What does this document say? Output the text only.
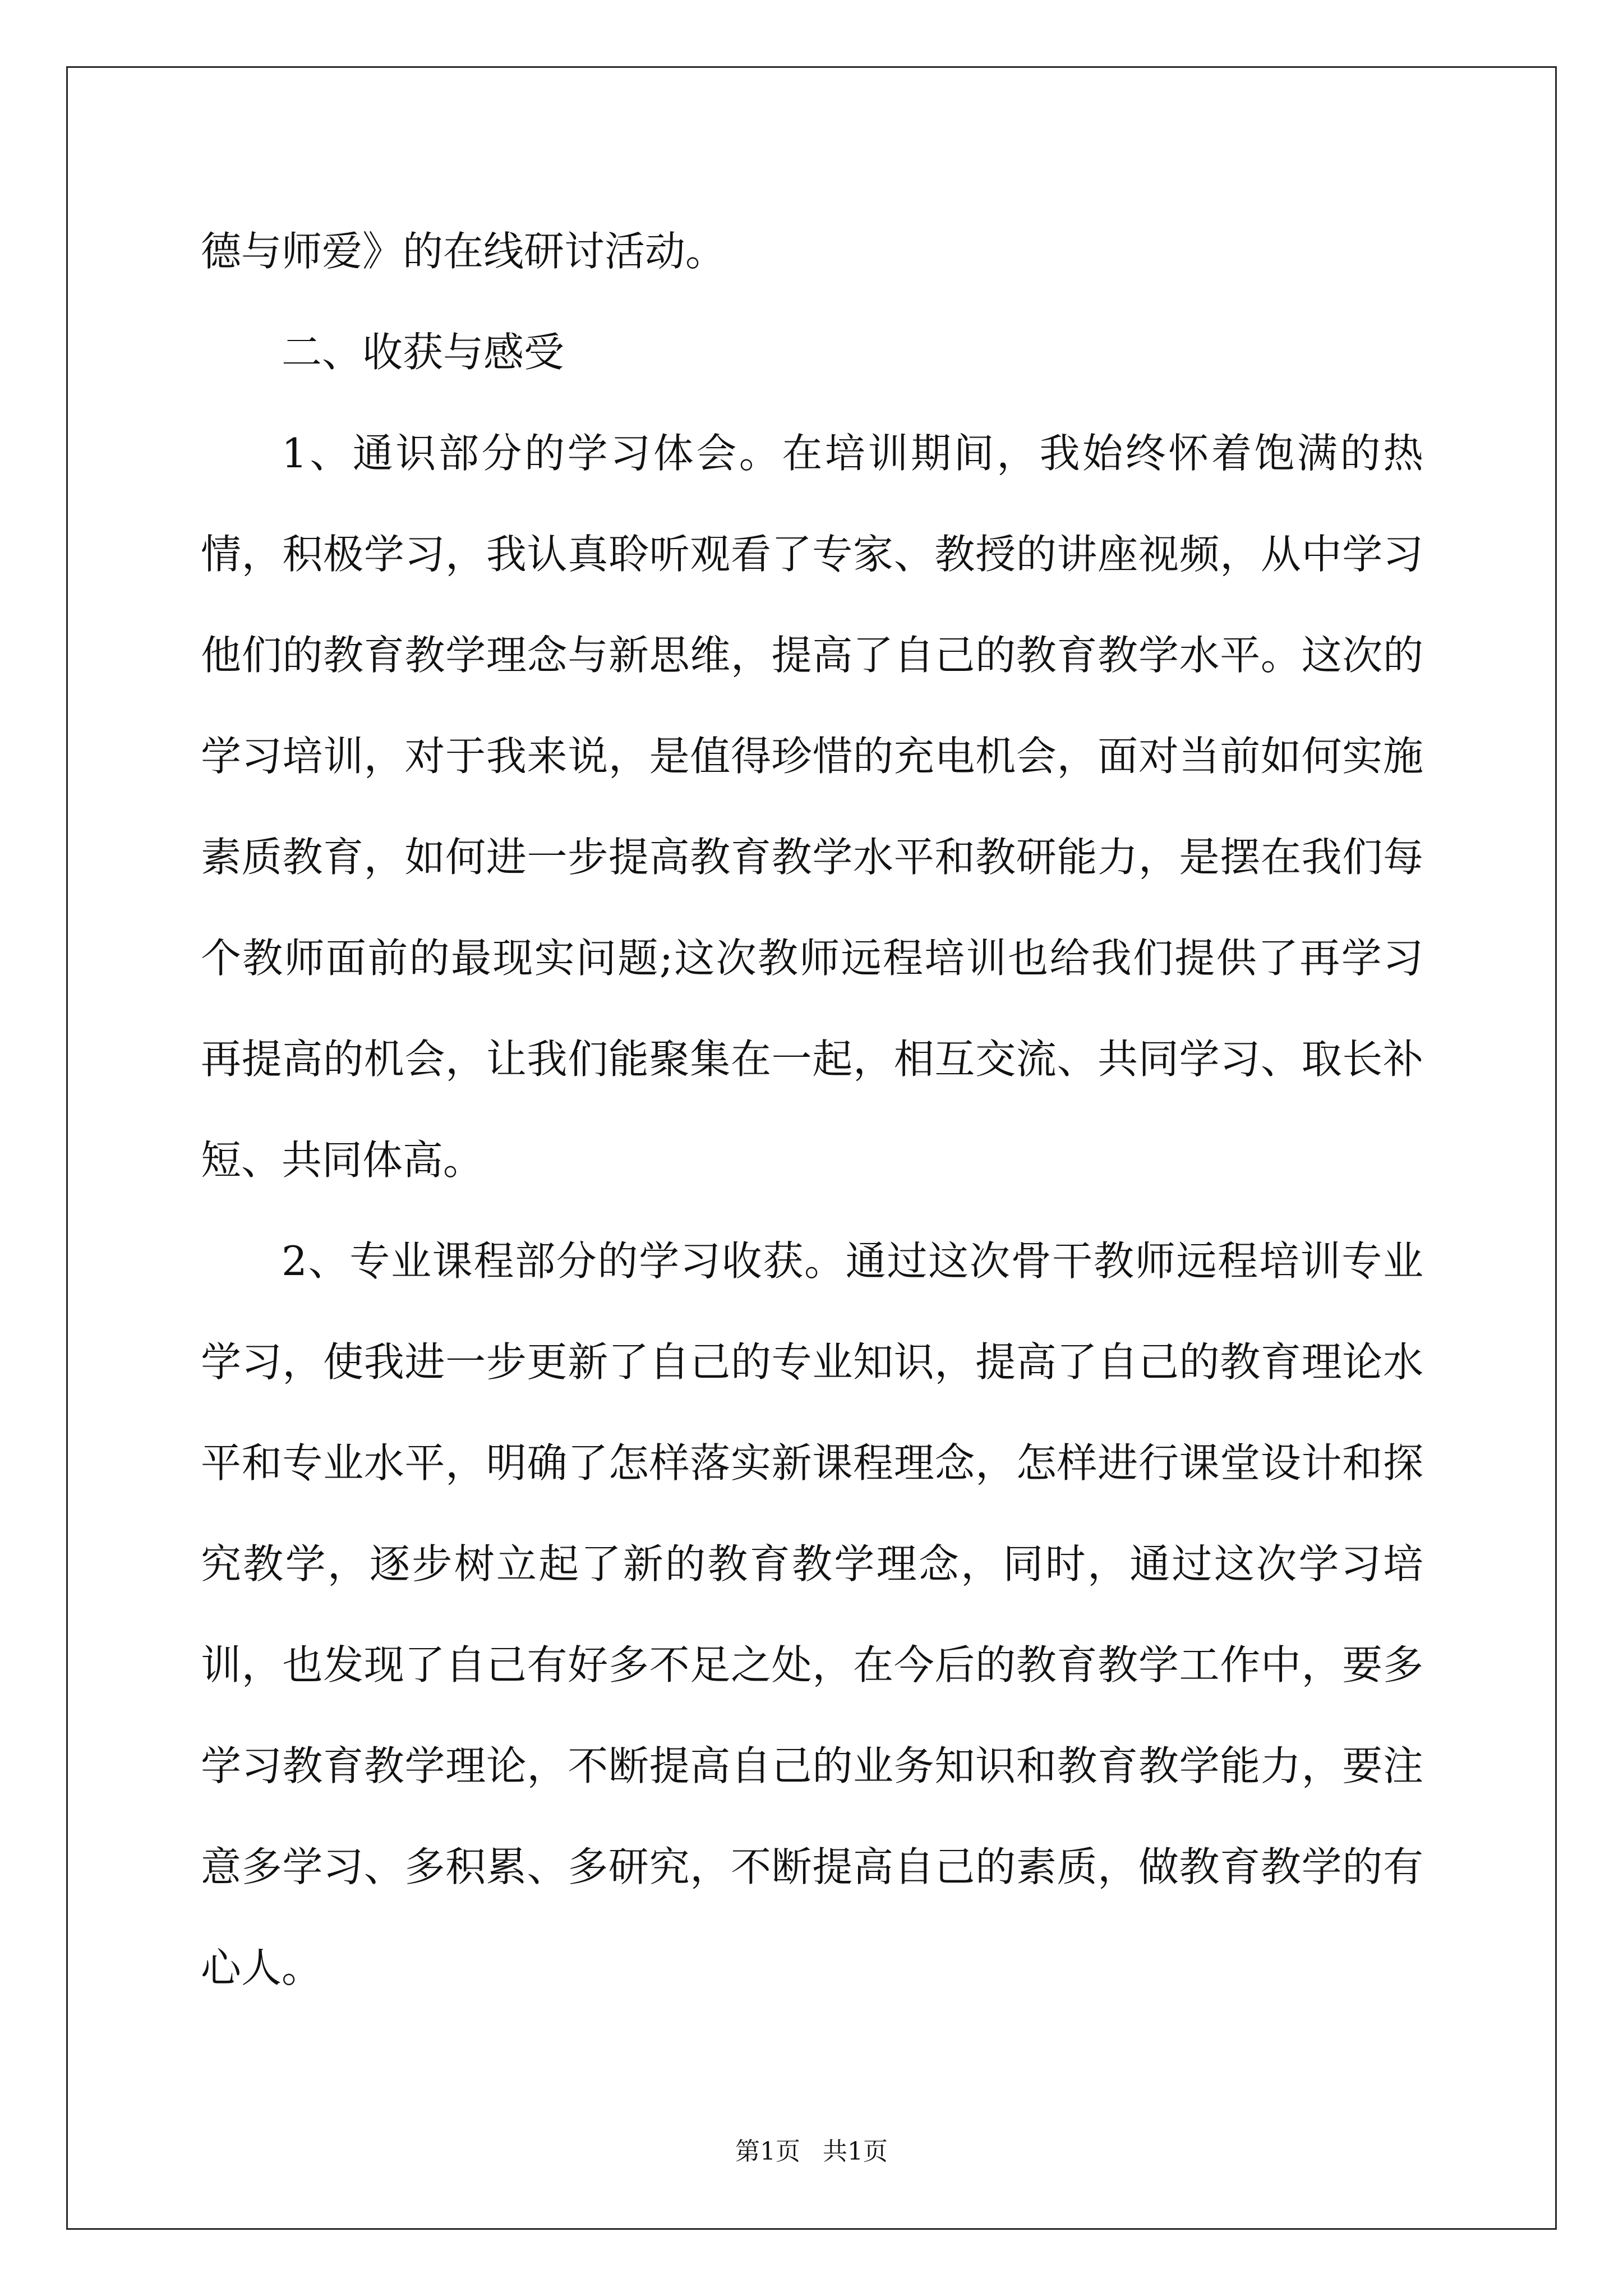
德与师爱》的在线研讨活动。

二、收获与感受

1、通识部分的学习体会。在培训期间，我始终怀着饱满的热情，积极学习，我认真聆听观看了专家、教授的讲座视频，从中学习他们的教育教学理念与新思维，提高了自己的教育教学水平。这次的学习培训，对于我来说，是值得珍惜的充电机会，面对当前如何实施素质教育，如何进一步提高教育教学水平和教研能力，是摆在我们每个教师面前的最现实问题;这次教师远程培训也给我们提供了再学习再提高的机会，让我们能聚集在一起，相互交流、共同学习、取长补短、共同体高。

2、专业课程部分的学习收获。通过这次骨干教师远程培训专业学习，使我进一步更新了自己的专业知识，提高了自己的教育理论水平和专业水平，明确了怎样落实新课程理念，怎样进行课堂设计和探究教学，逐步树立起了新的教育教学理念，同时，通过这次学习培训，也发现了自己有好多不足之处，在今后的教育教学工作中，要多学习教育教学理论，不断提高自己的业务知识和教育教学能力，要注意多学习、多积累、多研究，不断提高自己的素质，做教育教学的有心人。

第1页 共1页
